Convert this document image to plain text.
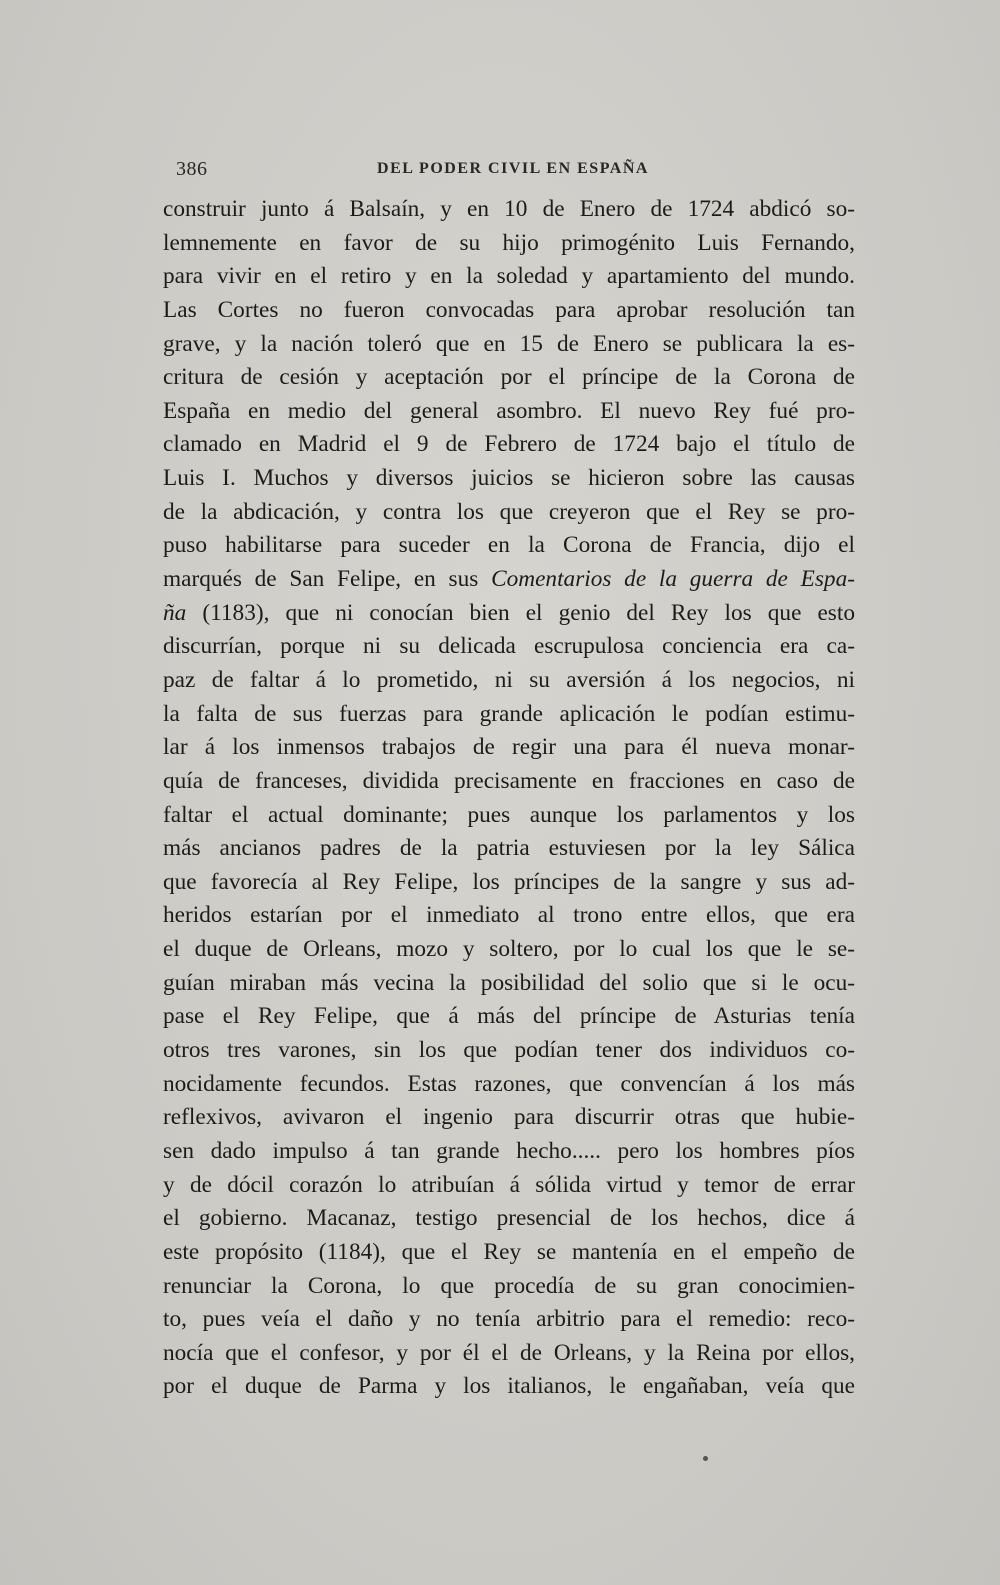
386	DEL PODER CIVIL EN ESPAÑA
construir junto á Balsaín, y en 10 de Enero de 1724 abdicó so-
lemnemente en favor de su hijo primogénito Luis Fernando,
para vivir en el retiro y en la soledad y apartamiento del mundo.
Las Cortes no fueron convocadas para aprobar resolución tan
grave, y la nación toleró que en 15 de Enero se publicara la es-
critura de cesión y aceptación por el príncipe de la Corona de
España en medio del general asombro. El nuevo Rey fué pro-
clamado en Madrid el 9 de Febrero de 1724 bajo el título de
Luis I. Muchos y diversos juicios se hicieron sobre las causas
de la abdicación, y contra los que creyeron que el Rey se pro-
puso habilitarse para suceder en la Corona de Francia, dijo el
marqués de San Felipe, en sus Comentarios de la guerra de Espa-
ña (1183), que ni conocían bien el genio del Rey los que esto
discurrían, porque ni su delicada escrupulosa conciencia era ca-
paz de faltar á lo prometido, ni su aversión á los negocios, ni
la falta de sus fuerzas para grande aplicación le podían estimu-
lar á los inmensos trabajos de regir una para él nueva monar-
quía de franceses, dividida precisamente en fracciones en caso de
faltar el actual dominante; pues aunque los parlamentos y los
más ancianos padres de la patria estuviesen por la ley Sálica
que favorecía al Rey Felipe, los príncipes de la sangre y sus ad-
heridos estarían por el inmediato al trono entre ellos, que era
el duque de Orleans, mozo y soltero, por lo cual los que le se-
guían miraban más vecina la posibilidad del solio que si le ocu-
pase el Rey Felipe, que á más del príncipe de Asturias tenía
otros tres varones, sin los que podían tener dos individuos co-
nocidamente fecundos. Estas razones, que convencían á los más
reflexivos, avivaron el ingenio para discurrir otras que hubie-
sen dado impulso á tan grande hecho..... pero los hombres píos
y de dócil corazón lo atribuían á sólida virtud y temor de errar
el gobierno. Macanaz, testigo presencial de los hechos, dice á
este propósito (1184), que el Rey se mantenía en el empeño de
renunciar la Corona, lo que procedía de su gran conocimien-
to, pues veía el daño y no tenía arbitrio para el remedio: reco-
nocía que el confesor, y por él el de Orleans, y la Reina por ellos,
por el duque de Parma y los italianos, le engañaban, veía que
